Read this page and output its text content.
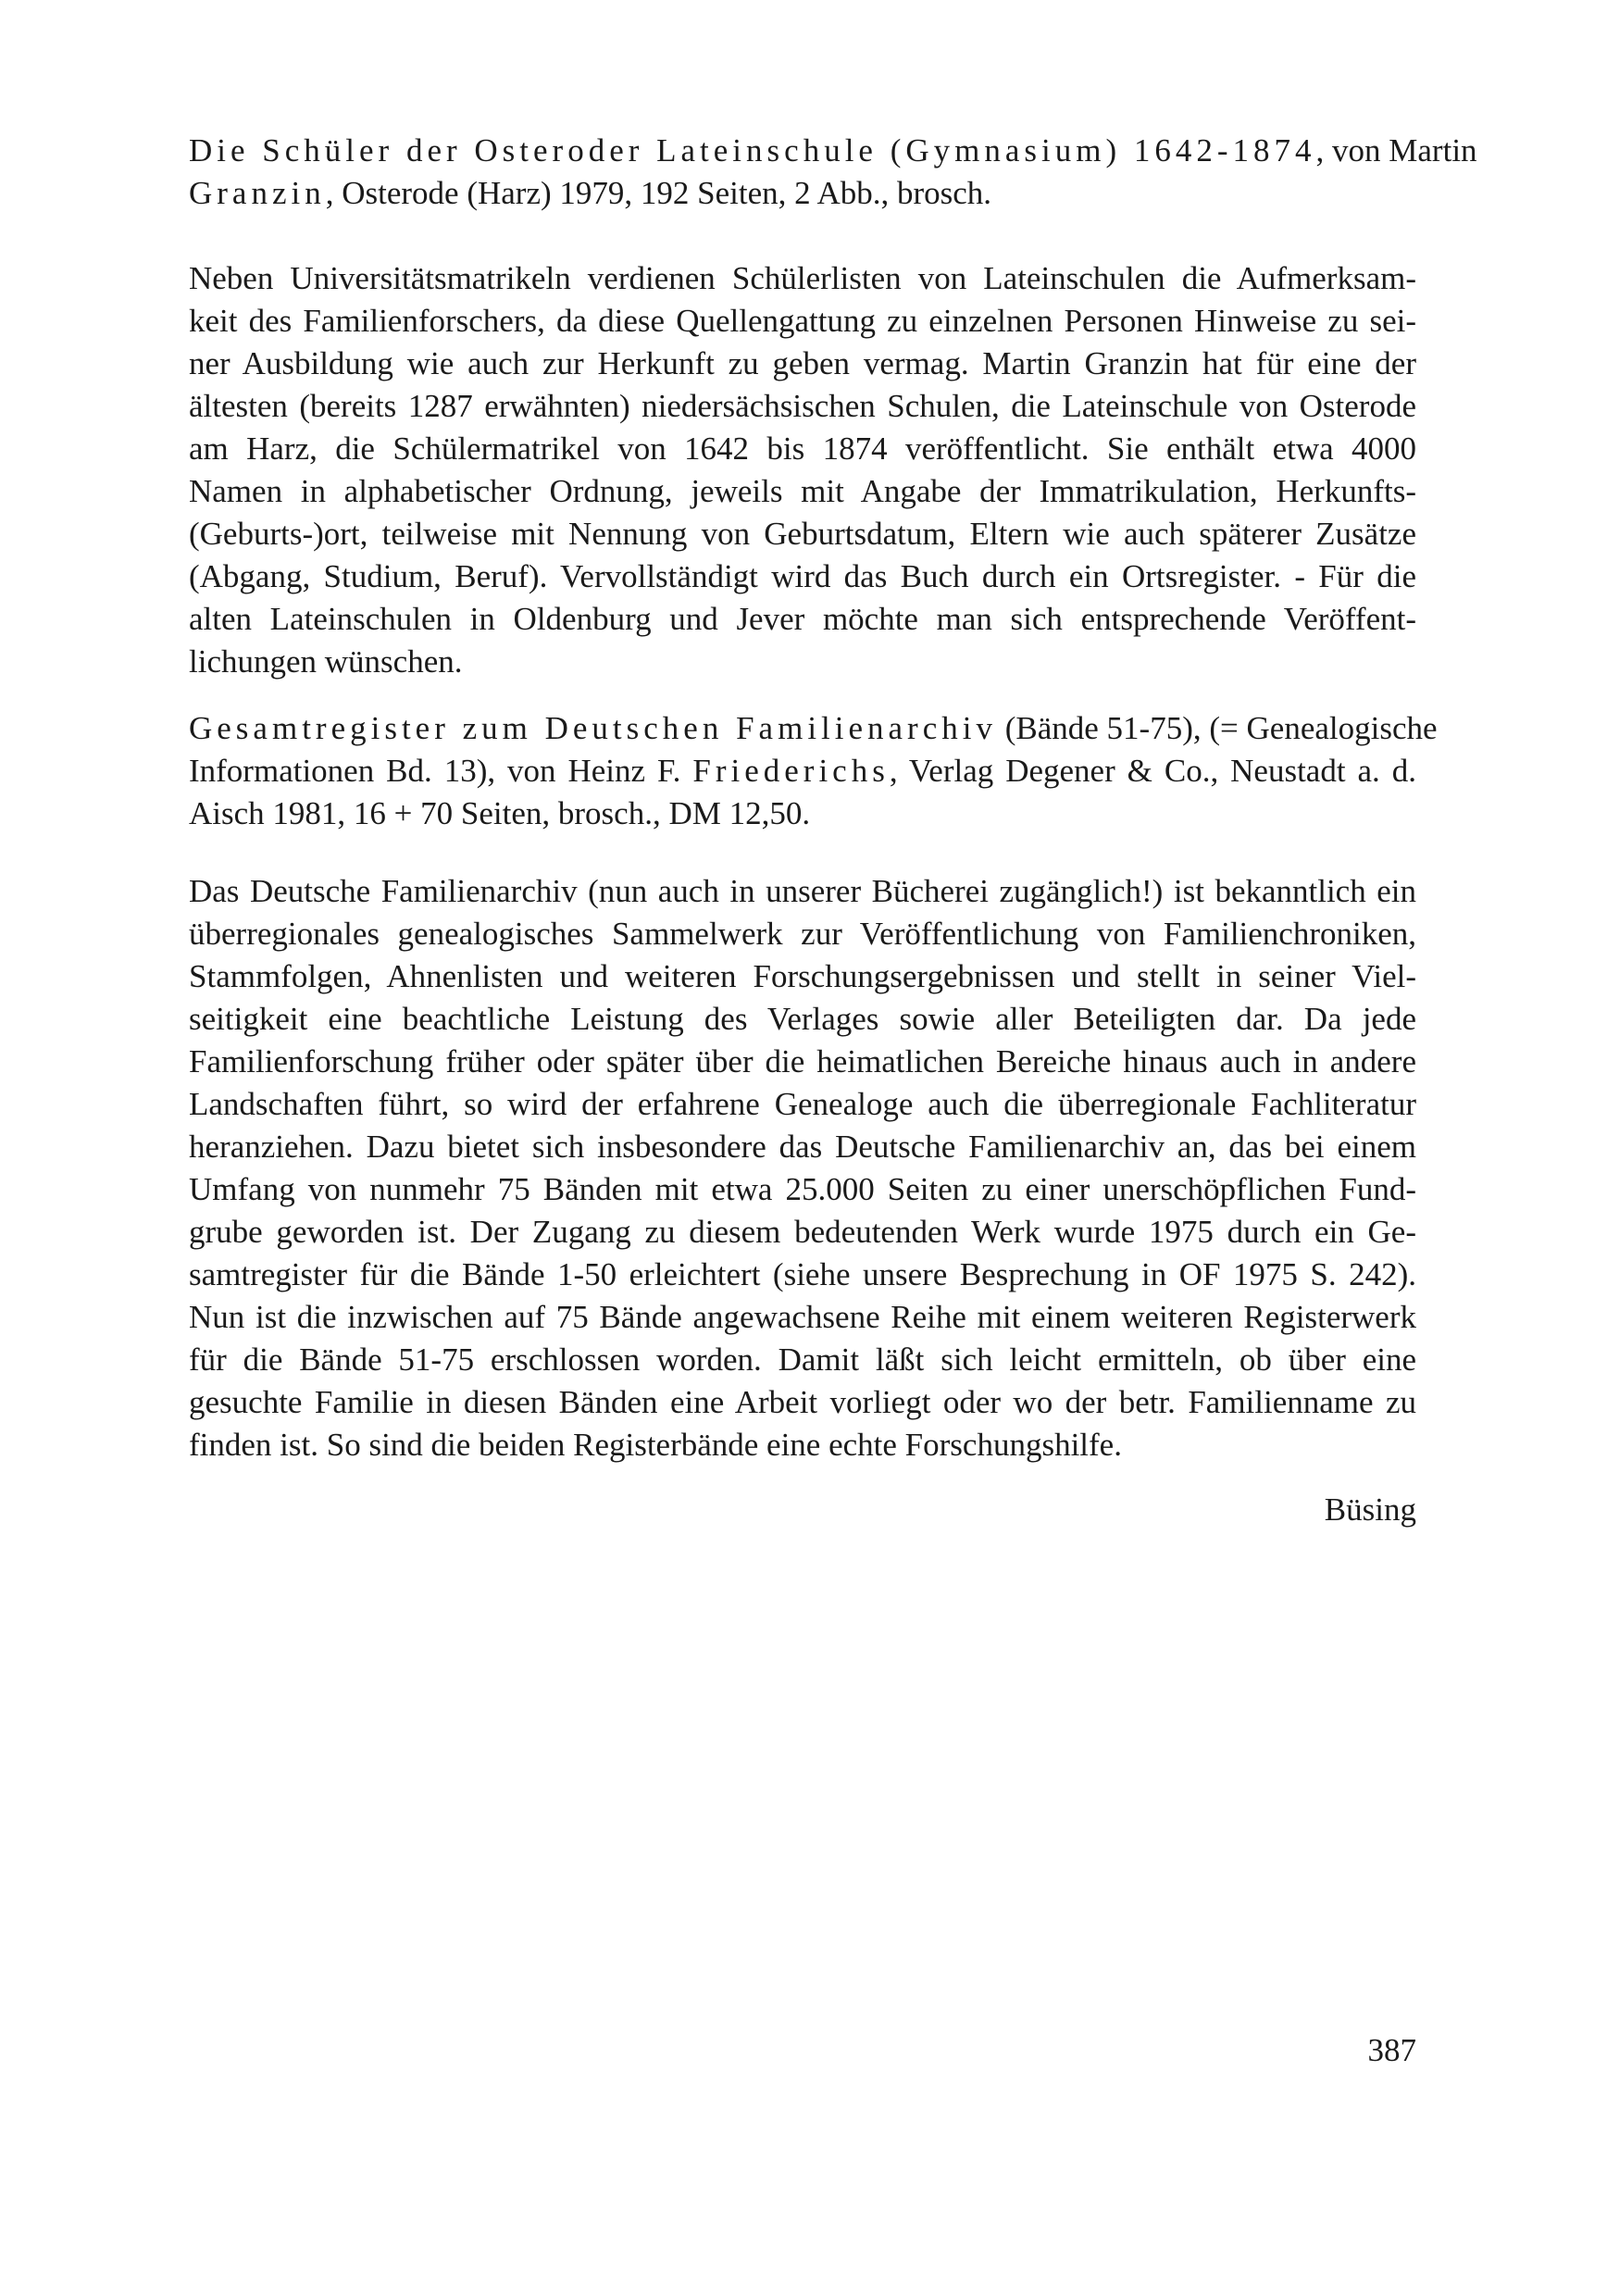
Die Schüler der Osteroder Lateinschule (Gymnasium) 1642-1874, von Martin
Granzin, Osterode (Harz) 1979, 192 Seiten, 2 Abb., brosch.
Neben Universitätsmatrikeln verdienen Schülerlisten von Lateinschulen die Aufmerksam-
keit des Familienforschers, da diese Quellengattung zu einzelnen Personen Hinweise zu sei-
ner Ausbildung wie auch zur Herkunft zu geben vermag. Martin Granzin hat für eine der
ältesten (bereits 1287 erwähnten) niedersächsischen Schulen, die Lateinschule von Osterode
am Harz, die Schülermatrikel von 1642 bis 1874 veröffentlicht. Sie enthält etwa 4000
Namen in alphabetischer Ordnung, jeweils mit Angabe der Immatrikulation, Herkunfts-
(Geburts-)ort, teilweise mit Nennung von Geburtsdatum, Eltern wie auch späterer Zusätze
(Abgang, Studium, Beruf). Vervollständigt wird das Buch durch ein Ortsregister. - Für die
alten Lateinschulen in Oldenburg und Jever möchte man sich entsprechende Veröffent-
lichungen wünschen.
Gesamtregister zum Deutschen Familienarchiv (Bände 51-75), (= Genealogische
Informationen Bd. 13), von Heinz F. Friederichs, Verlag Degener & Co., Neustadt a. d.
Aisch 1981, 16 + 70 Seiten, brosch., DM 12,50.
Das Deutsche Familienarchiv (nun auch in unserer Bücherei zugänglich!) ist bekanntlich ein
überregionales genealogisches Sammelwerk zur Veröffentlichung von Familienchroniken,
Stammfolgen, Ahnenlisten und weiteren Forschungsergebnissen und stellt in seiner Viel-
seitigkeit eine beachtliche Leistung des Verlages sowie aller Beteiligten dar. Da jede
Familienforschung früher oder später über die heimatlichen Bereiche hinaus auch in andere
Landschaften führt, so wird der erfahrene Genealoge auch die überregionale Fachliteratur
heranziehen. Dazu bietet sich insbesondere das Deutsche Familienarchiv an, das bei einem
Umfang von nunmehr 75 Bänden mit etwa 25.000 Seiten zu einer unerschöpflichen Fund-
grube geworden ist. Der Zugang zu diesem bedeutenden Werk wurde 1975 durch ein Ge-
samtregister für die Bände 1-50 erleichtert (siehe unsere Besprechung in OF 1975 S. 242).
Nun ist die inzwischen auf 75 Bände angewachsene Reihe mit einem weiteren Registerwerk
für die Bände 51-75 erschlossen worden. Damit läßt sich leicht ermitteln, ob über eine
gesuchte Familie in diesen Bänden eine Arbeit vorliegt oder wo der betr. Familienname zu
finden ist. So sind die beiden Registerbände eine echte Forschungshilfe.
Büsing
387
